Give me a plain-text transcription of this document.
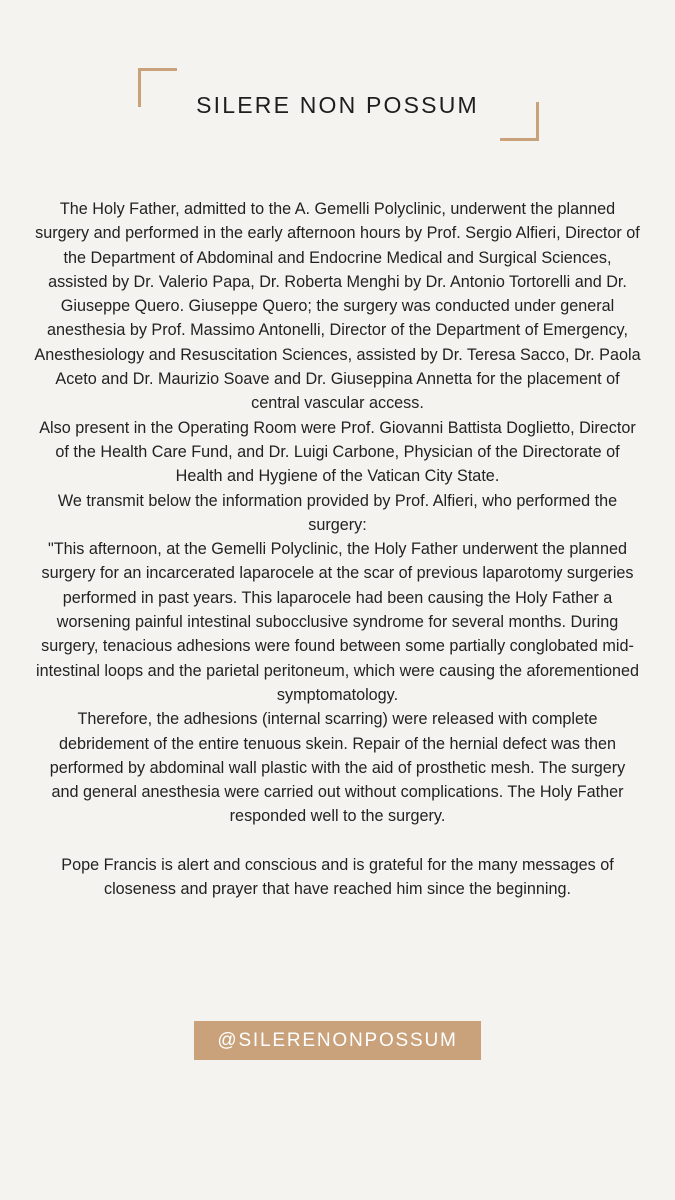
SILERE NON POSSUM

The Holy Father, admitted to the A. Gemelli Polyclinic, underwent the planned surgery and performed in the early afternoon hours by Prof. Sergio Alfieri, Director of the Department of Abdominal and Endocrine Medical and Surgical Sciences, assisted by Dr. Valerio Papa, Dr. Roberta Menghi by Dr. Antonio Tortorelli and Dr. Giuseppe Quero. Giuseppe Quero; the surgery was conducted under general anesthesia by Prof. Massimo Antonelli, Director of the Department of Emergency, Anesthesiology and Resuscitation Sciences, assisted by Dr. Teresa Sacco, Dr. Paola Aceto and Dr. Maurizio Soave and Dr. Giuseppina Annetta for the placement of central vascular access.

Also present in the Operating Room were Prof. Giovanni Battista Doglietto, Director of the Health Care Fund, and Dr. Luigi Carbone, Physician of the Directorate of Health and Hygiene of the Vatican City State.

We transmit below the information provided by Prof. Alfieri, who performed the surgery:

"This afternoon, at the Gemelli Polyclinic, the Holy Father underwent the planned surgery for an incarcerated laparocele at the scar of previous laparotomy surgeries performed in past years. This laparocele had been causing the Holy Father a worsening painful intestinal subocclusive syndrome for several months. During surgery, tenacious adhesions were found between some partially conglobated mid-intestinal loops and the parietal peritoneum, which were causing the aforementioned symptomatology.

Therefore, the adhesions (internal scarring) were released with complete debridement of the entire tenuous skein. Repair of the hernial defect was then performed by abdominal wall plastic with the aid of prosthetic mesh. The surgery and general anesthesia were carried out without complications. The Holy Father responded well to the surgery.

Pope Francis is alert and conscious and is grateful for the many messages of closeness and prayer that have reached him since the beginning.

@SILERENONPOSSUM
